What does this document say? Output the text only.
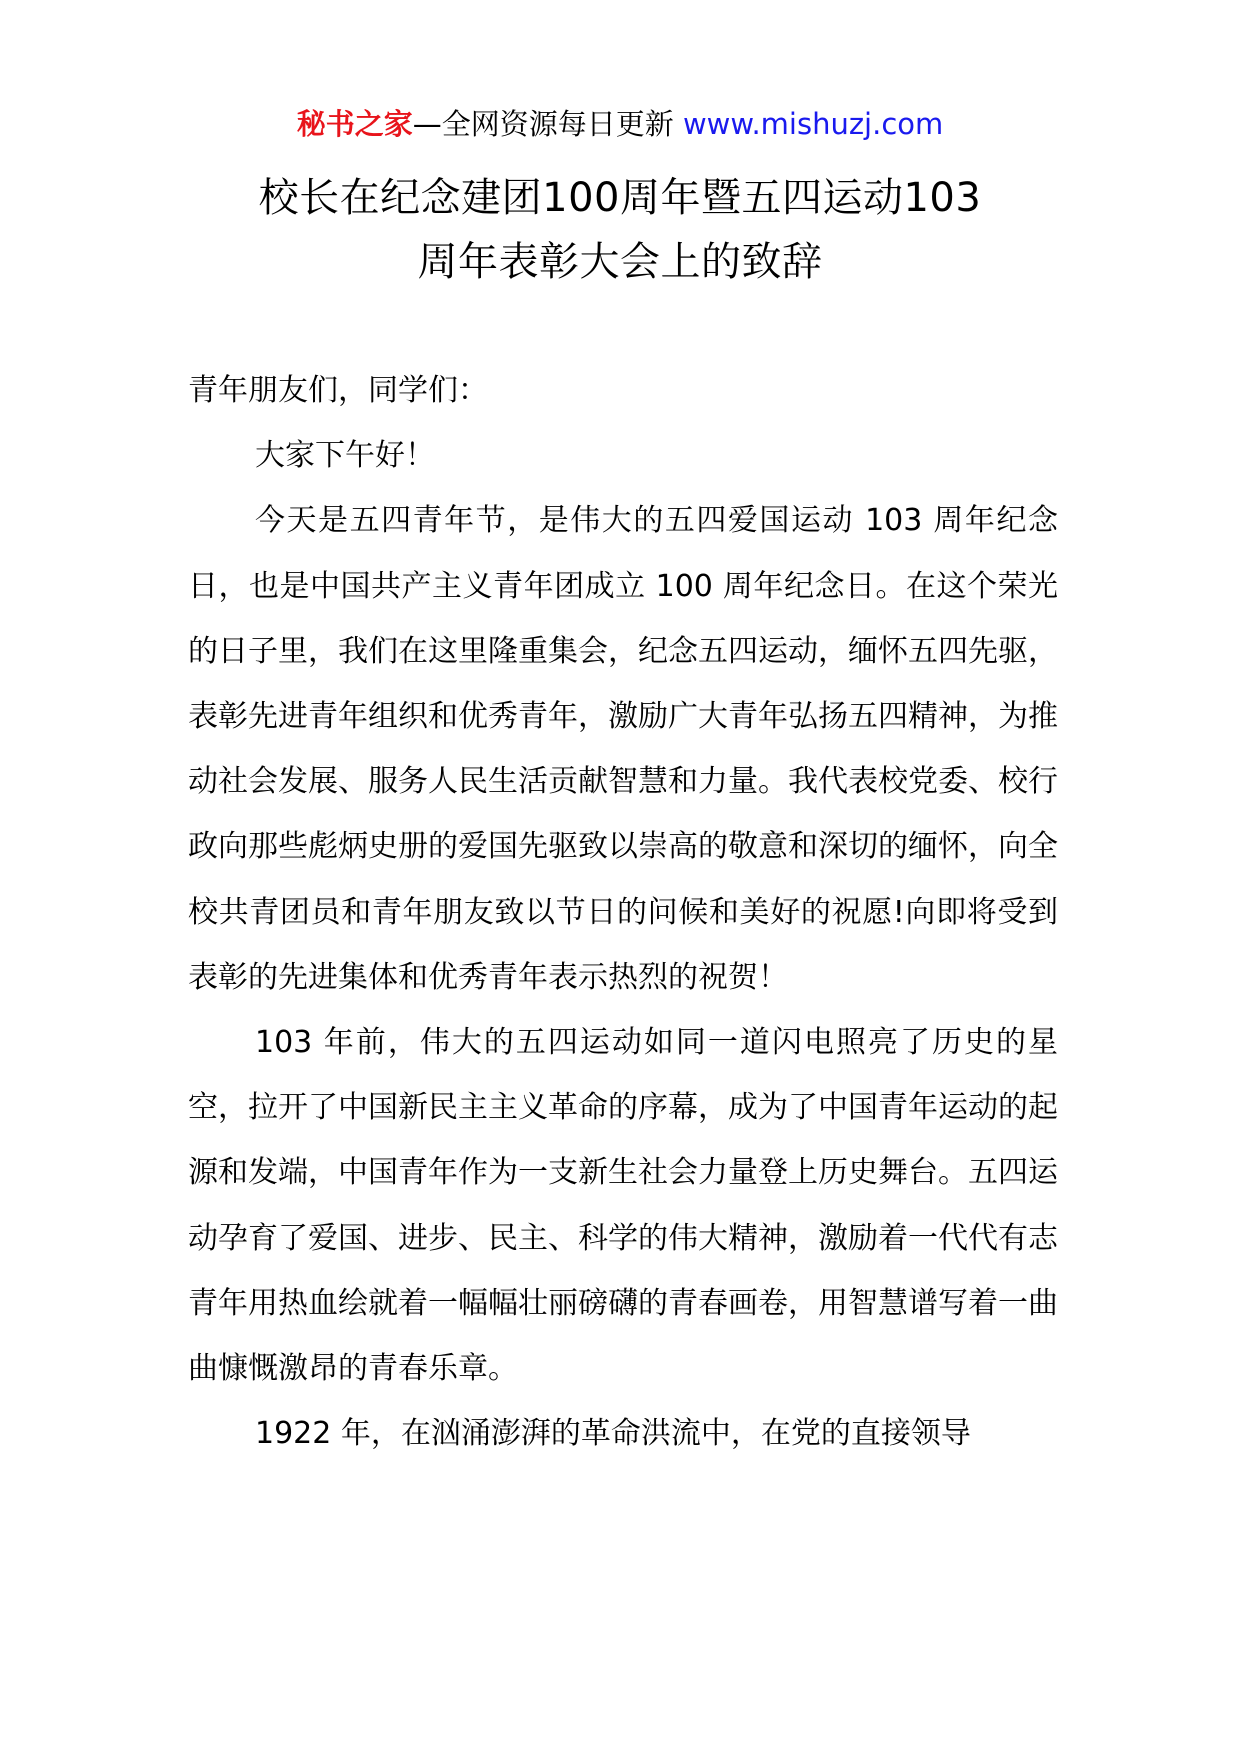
秘书之家—全网资源每日更新 www.mishuzj.com
校长在纪念建团100周年暨五四运动103
周年表彰大会上的致辞

青年朋友们，同学们：

大家下午好！

今天是五四青年节，是伟大的五四爱国运动 103 周年纪念日，也是中国共产主义青年团成立 100 周年纪念日。在这个荣光的日子里，我们在这里隆重集会，纪念五四运动，缅怀五四先驱，表彰先进青年组织和优秀青年，激励广大青年弘扬五四精神，为推动社会发展、服务人民生活贡献智慧和力量。我代表校党委、校行政向那些彪炳史册的爱国先驱致以崇高的敬意和深切的缅怀，向全校共青团员和青年朋友致以节日的问候和美好的祝愿!向即将受到表彰的先进集体和优秀青年表示热烈的祝贺！

103 年前，伟大的五四运动如同一道闪电照亮了历史的星空，拉开了中国新民主主义革命的序幕，成为了中国青年运动的起源和发端，中国青年作为一支新生社会力量登上历史舞台。五四运动孕育了爱国、进步、民主、科学的伟大精神，激励着一代代有志青年用热血绘就着一幅幅壮丽磅礴的青春画卷，用智慧谱写着一曲曲慷慨激昂的青春乐章。

1922 年，在汹涌澎湃的革命洪流中，在党的直接领导
